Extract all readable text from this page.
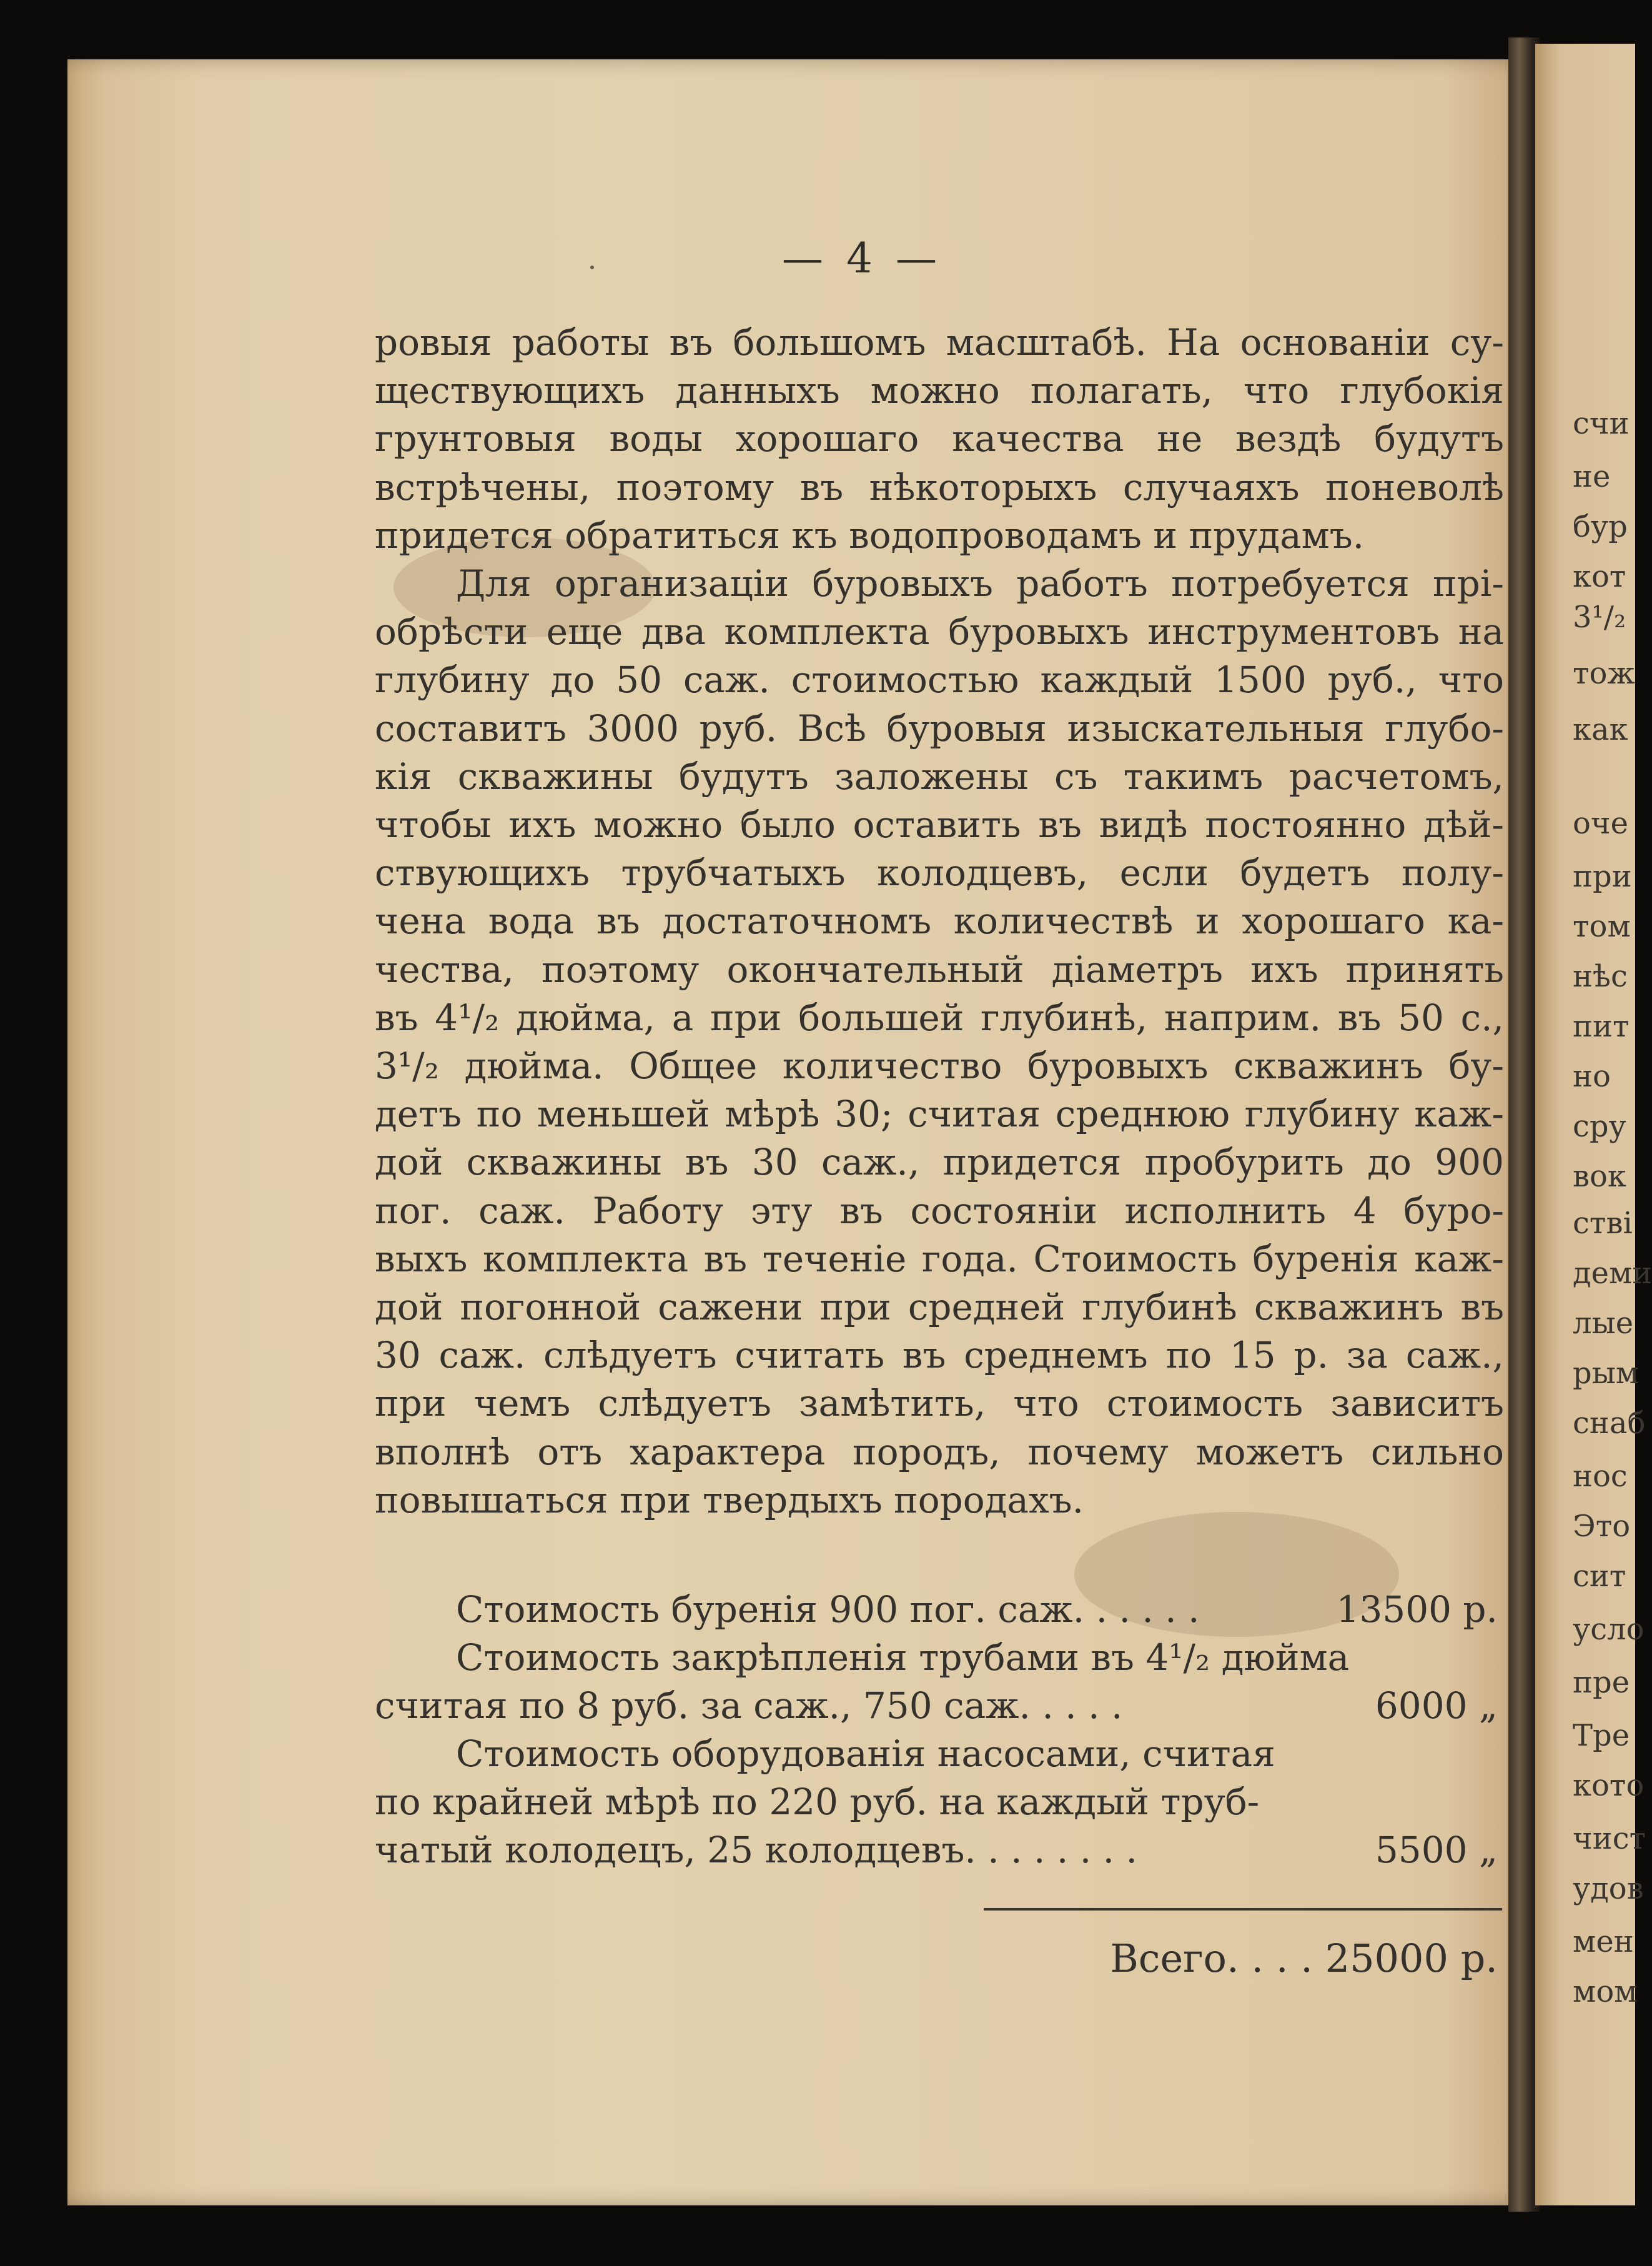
— 4 —
ровыя работы въ большомъ масштабѣ. На основаніи су-
ществующихъ данныхъ можно полагать, что глубокія
грунтовыя воды хорошаго качества не вездѣ будутъ
встрѣчены, поэтому въ нѣкоторыхъ случаяхъ поневолѣ
придется обратиться къ водопроводамъ и прудамъ.
Для организаціи буровыхъ работъ потребуется прі-
обрѣсти еще два комплекта буровыхъ инструментовъ на
глубину до 50 саж. стоимостью каждый 1500 руб., что
составитъ 3000 руб. Всѣ буровыя изыскательныя глубо-
кія скважины будутъ заложены съ такимъ расчетомъ,
чтобы ихъ можно было оставить въ видѣ постоянно дѣй-
ствующихъ трубчатыхъ колодцевъ, если будетъ полу-
чена вода въ достаточномъ количествѣ и хорошаго ка-
чества, поэтому окончательный діаметръ ихъ принять
въ 4¹/₂ дюйма, а при большей глубинѣ, наприм. въ 50 с.,
3¹/₂ дюйма. Общее количество буровыхъ скважинъ бу-
детъ по меньшей мѣрѣ 30; считая среднюю глубину каж-
дой скважины въ 30 саж., придется пробурить до 900
пог. саж. Работу эту въ состояніи исполнить 4 буро-
выхъ комплекта въ теченіе года. Стоимость буренія каж-
дой погонной сажени при средней глубинѣ скважинъ въ
30 саж. слѣдуетъ считать въ среднемъ по 15 р. за саж.,
при чемъ слѣдуетъ замѣтить, что стоимость зависитъ
вполнѣ отъ характера породъ, почему можетъ сильно
повышаться при твердыхъ породахъ.
Стоимость буренія 900 пог. саж. . . . . .	13500 р.
Стоимость закрѣпленія трубами въ 4¹/₂ дюйма
считая по 8 руб. за саж., 750 саж. . . . .	6000 „
Стоимость оборудованія насосами, считая
по крайней мѣрѣ по 220 руб. на каждый труб-
чатый колодецъ, 25 колодцевъ. . . . . . . .	5500 „
Всего. . . . 25000 р.
счи
не
бур
кот
3¹/₂
тож
как
оче
при
том
нѣс
пит
но
сру
вок
ствi
деми
лые
рым
снаб
нос
Это
сит
усло
пре
Тре
кото
чист
удов
мен
мом
